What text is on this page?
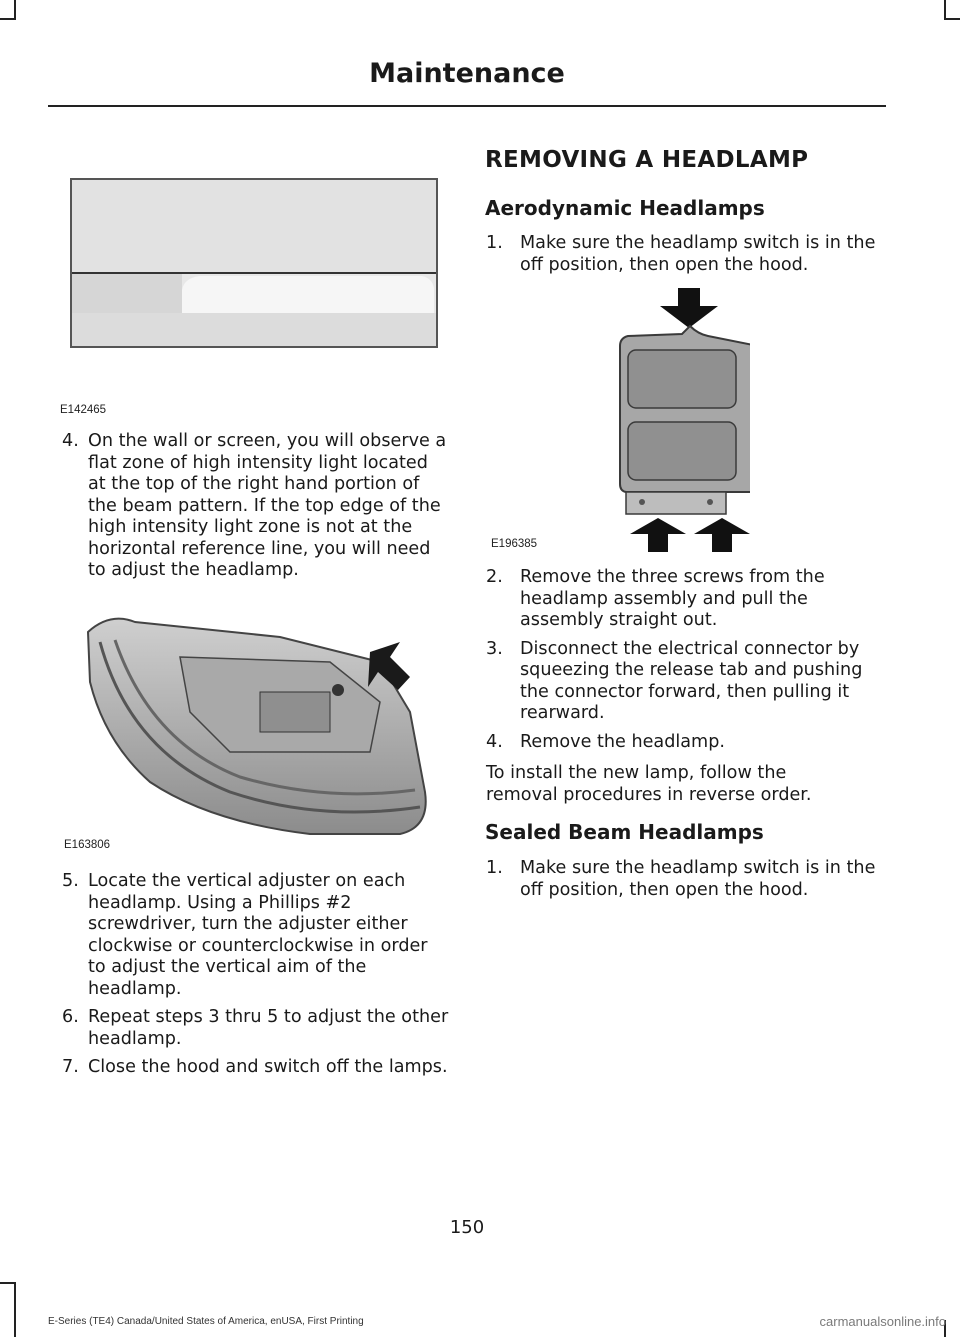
Maintenance
E142465
4. On the wall or screen, you will observe a flat zone of high intensity light located at the top of the right hand portion of the beam pattern. If the top edge of the high intensity light zone is not at the horizontal reference line, you will need to adjust the headlamp.
E163806
5. Locate the vertical adjuster on each headlamp. Using a Phillips #2 screwdriver, turn the adjuster either clockwise or counterclockwise in order to adjust the vertical aim of the headlamp.
6. Repeat steps 3 thru 5 to adjust the other headlamp.
7. Close the hood and switch off the lamps.
REMOVING A HEADLAMP
Aerodynamic Headlamps
1. Make sure the headlamp switch is in the off position, then open the hood.
E196385
2. Remove the three screws from the headlamp assembly and pull the assembly straight out.
3. Disconnect the electrical connector by squeezing the release tab and pushing the connector forward, then pulling it rearward.
4. Remove the headlamp.

To install the new lamp, follow the removal procedures in reverse order.

Sealed Beam Headlamps
1. Make sure the headlamp switch is in the off position, then open the hood.
150
E-Series (TE4) Canada/United States of America, enUSA, First Printing	carmanualsonline.info
